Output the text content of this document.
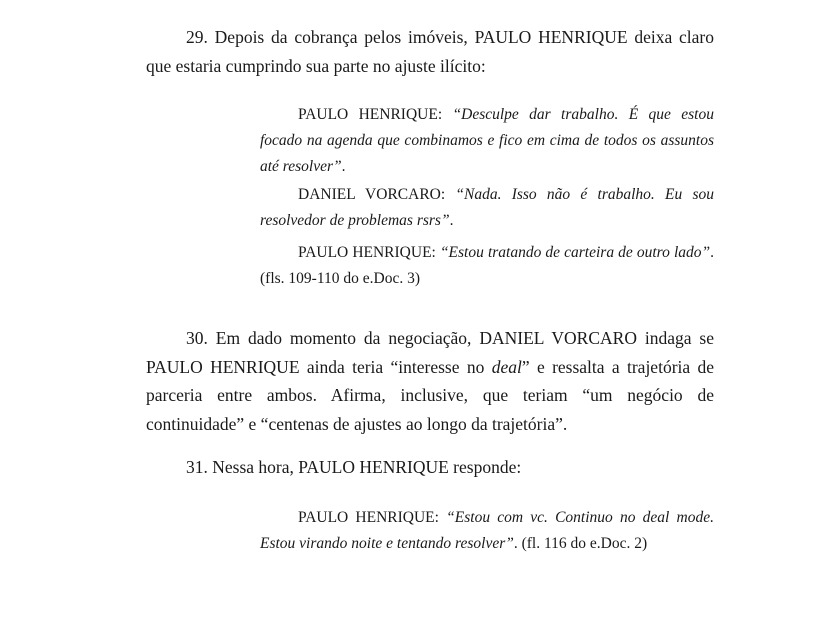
29. Depois da cobrança pelos imóveis, PAULO HENRIQUE deixa claro que estaria cumprindo sua parte no ajuste ilícito:

PAULO HENRIQUE: “Desculpe dar trabalho. É que estou focado na agenda que combinamos e fico em cima de todos os assuntos até resolver”.

DANIEL VORCARO: “Nada. Isso não é trabalho. Eu sou resolvedor de problemas rsrs”.

PAULO HENRIQUE: “Estou tratando de carteira de outro lado”. (fls. 109-110 do e.Doc. 3)

30. Em dado momento da negociação, DANIEL VORCARO indaga se PAULO HENRIQUE ainda teria “interesse no deal” e ressalta a trajetória de parceria entre ambos. Afirma, inclusive, que teriam “um negócio de continuidade” e “centenas de ajustes ao longo da trajetória”.

31. Nessa hora, PAULO HENRIQUE responde:

PAULO HENRIQUE: “Estou com vc. Continuo no deal mode. Estou virando noite e tentando resolver”. (fl. 116 do e.Doc. 2)
